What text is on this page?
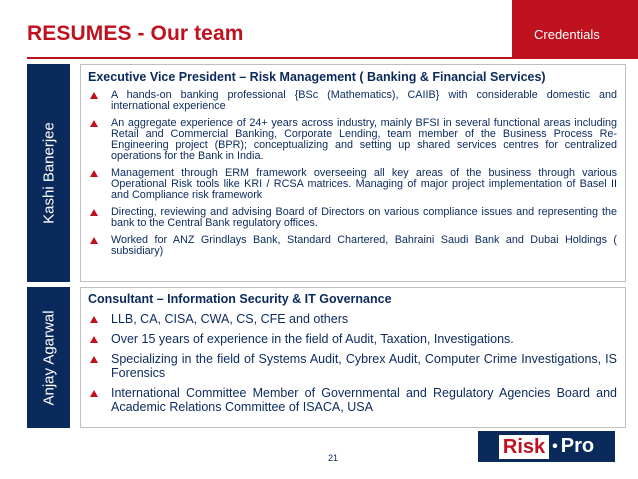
RESUMES - Our team	Credentials
Kashi Banerjee
Executive Vice President – Risk Management ( Banking & Financial Services)
A hands-on banking professional {BSc (Mathematics), CAIIB} with considerable domestic and international experience
An aggregate experience of 24+ years across industry, mainly BFSI in several functional areas including Retail and Commercial Banking, Corporate Lending, team member of the Business Process Re-Engineering project (BPR); conceptualizing and setting up shared services centres for centralized operations for the Bank in India.
Management through ERM framework overseeing all key areas of the business through various Operational Risk tools like KRI / RCSA matrices. Managing of major project implementation of Basel II and Compliance risk framework
Directing, reviewing and advising Board of Directors on various compliance issues and representing the bank to the Central Bank regulatory offices.
Worked for ANZ Grindlays Bank, Standard Chartered, Bahraini Saudi Bank and Dubai Holdings ( subsidiary)
Anjay Agarwal
Consultant – Information Security & IT Governance
LLB, CA, CISA, CWA, CS, CFE and others
Over 15 years of experience in the field of Audit, Taxation, Investigations.
Specializing in the field of Systems Audit, Cybrex Audit, Computer Crime Investigations, IS Forensics
International Committee Member of Governmental and Regulatory Agencies Board and Academic Relations Committee of ISACA, USA
21
Risk • Pro
